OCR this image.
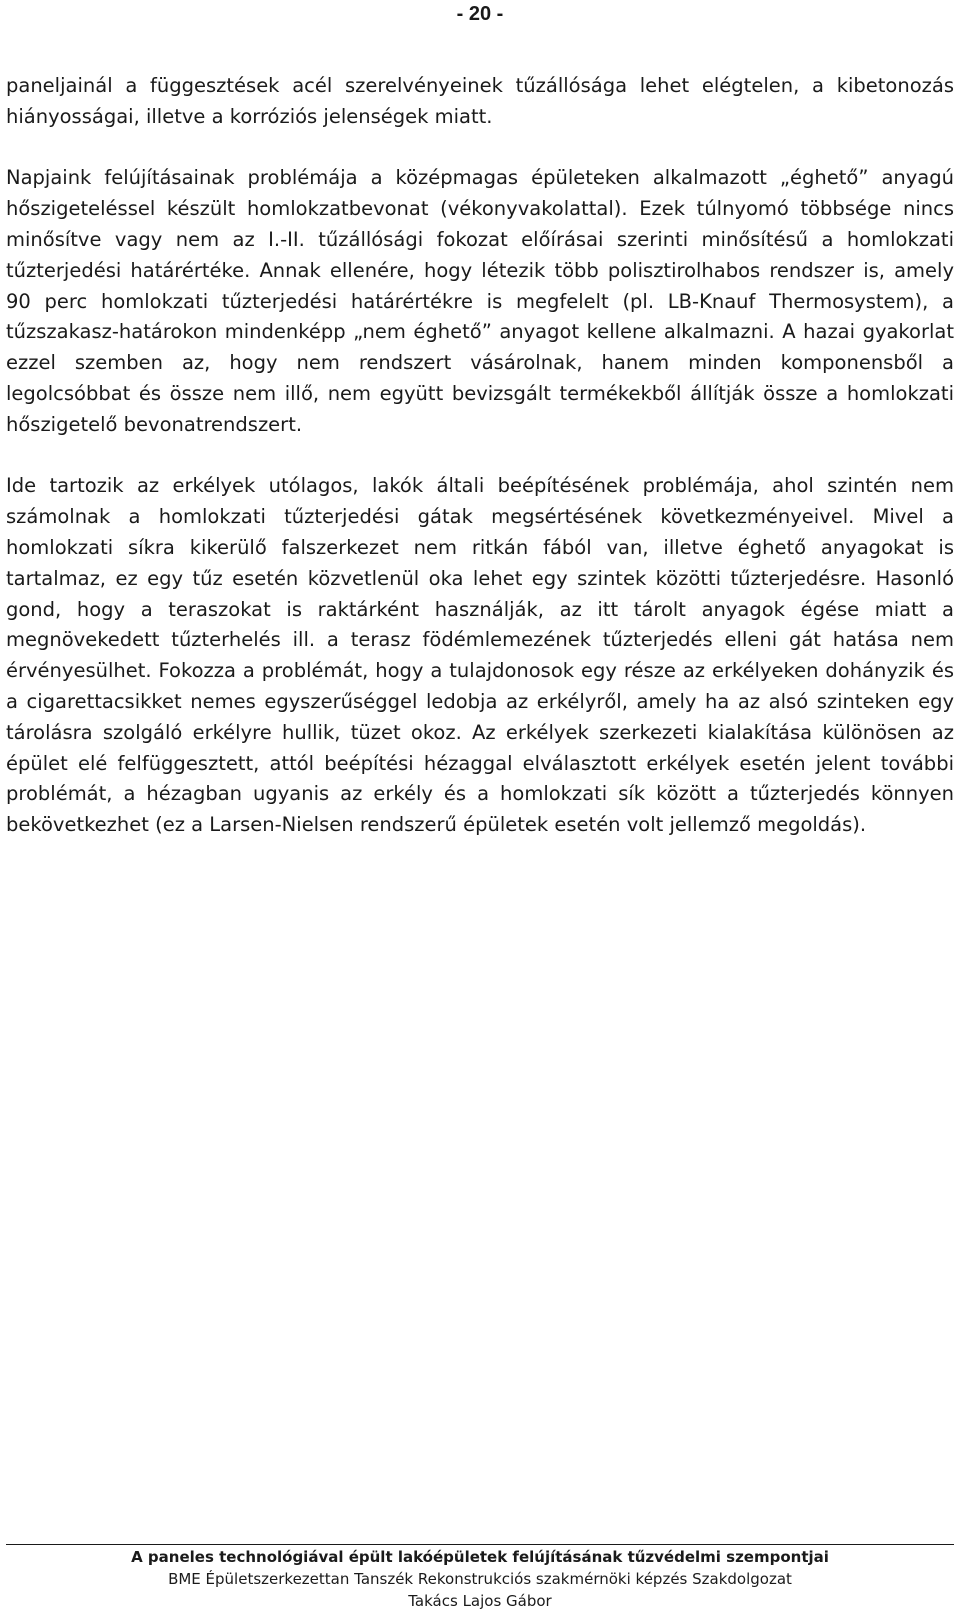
- 20 -

paneljainál a függesztések acél szerelvényeinek tűzállósága lehet elégtelen, a kibetonozás hiányosságai, illetve a korróziós jelenségek miatt.

Napjaink felújításainak problémája a középmagas épületeken alkalmazott „éghető” anyagú hőszigeteléssel készült homlokzatbevonat (vékonyvakolattal). Ezek túlnyomó többsége nincs minősítve vagy nem az I.-II. tűzállósági fokozat előírásai szerinti minősítésű a homlokzati tűzterjedési határértéke. Annak ellenére, hogy létezik több polisztirolhabos rendszer is, amely 90 perc homlokzati tűzterjedési határértékre is megfelelt (pl. LB-Knauf Thermosystem), a tűzszakasz-határokon mindenképp „nem éghető” anyagot kellene alkalmazni. A hazai gyakorlat ezzel szemben az, hogy nem rendszert vásárolnak, hanem minden komponensből a legolcsóbbat és össze nem illő, nem együtt bevizsgált termékekből állítják össze a homlokzati hőszigetelő bevonatrendszert.

Ide tartozik az erkélyek utólagos, lakók általi beépítésének problémája, ahol szintén nem számolnak a homlokzati tűzterjedési gátak megsértésének következményeivel. Mivel a homlokzati síkra kikerülő falszerkezet nem ritkán fából van, illetve éghető anyagokat is tartalmaz, ez egy tűz esetén közvetlenül oka lehet egy szintek közötti tűzterjedésre. Hasonló gond, hogy a teraszokat is raktárként használják, az itt tárolt anyagok égése miatt a megnövekedett tűzterhelés ill. a terasz födémlemezének tűzterjedés elleni gát hatása nem érvényesülhet. Fokozza a problémát, hogy a tulajdonosok egy része az erkélyeken dohányzik és a cigarettacsikket nemes egyszerűséggel ledobja az erkélyről, amely ha az alsó szinteken egy tárolásra szolgáló erkélyre hullik, tüzet okoz. Az erkélyek szerkezeti kialakítása különösen az épület elé felfüggesztett, attól beépítési hézaggal elválasztott erkélyek esetén jelent további problémát, a hézagban ugyanis az erkély és a homlokzati sík között a tűzterjedés könnyen bekövetkezhet (ez a Larsen-Nielsen rendszerű épületek esetén volt jellemző megoldás).

A paneles technológiával épült lakóépületek felújításának tűzvédelmi szempontjai
BME Épületszerkezettan Tanszék Rekonstrukciós szakmérnöki képzés Szakdolgozat
Takács Lajos Gábor
